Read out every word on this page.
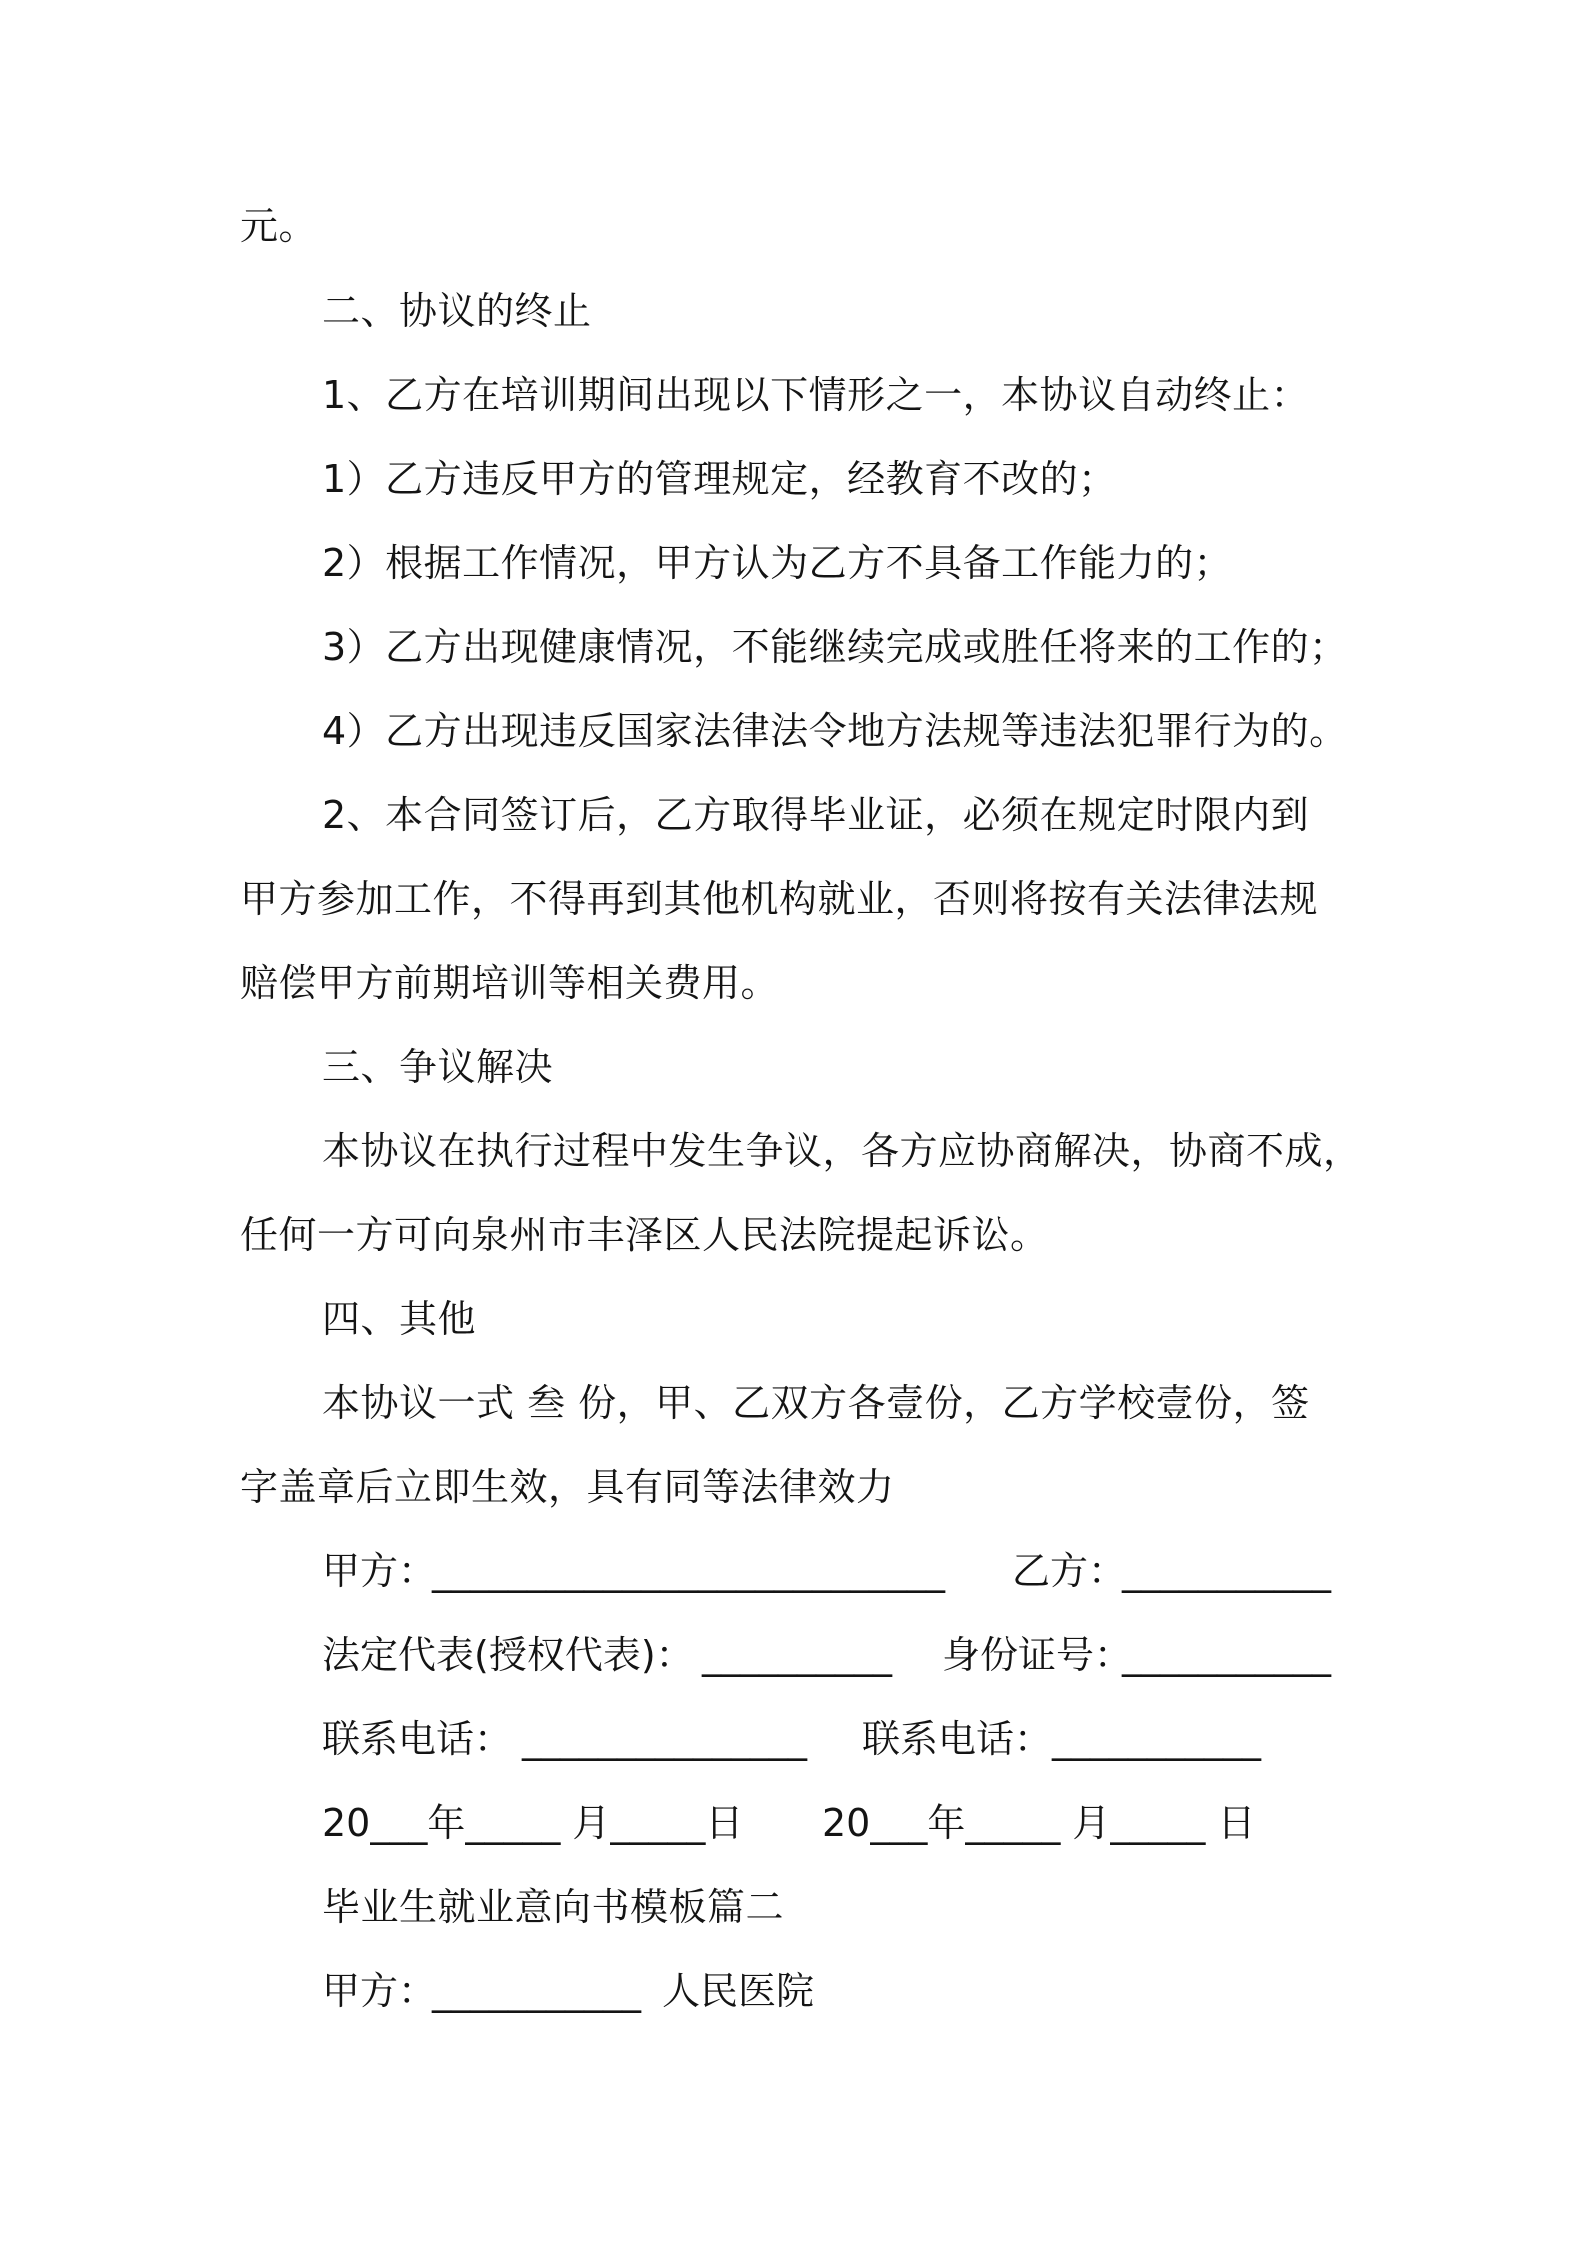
元。
二、协议的终止
1、乙方在培训期间出现以下情形之一，本协议自动终止：
1）乙方违反甲方的管理规定，经教育不改的；
2）根据工作情况，甲方认为乙方不具备工作能力的；
3）乙方出现健康情况，不能继续完成或胜任将来的工作的；
4）乙方出现违反国家法律法令地方法规等违法犯罪行为的。
2、本合同签订后，乙方取得毕业证，必须在规定时限内到
甲方参加工作，不得再到其他机构就业，否则将按有关法律法规
赔偿甲方前期培训等相关费用。
三、争议解决
本协议在执行过程中发生争议，各方应协商解决，协商不成，
任何一方可向泉州市丰泽区人民法院提起诉讼。
四、其他
本协议一式 叁 份，甲、乙双方各壹份，乙方学校壹份，签
字盖章后立即生效，具有同等法律效力
甲方：
___________________________ 乙方：
___________
法定代表(授权代表)： __________ 身份证号：
___________
联系电话： _______________ 联系电话： ___________
20___年_____ 月_____日 20___年_____ 月_____ 日
毕业生就业意向书模板篇二
甲方：
___________ 人民医院
